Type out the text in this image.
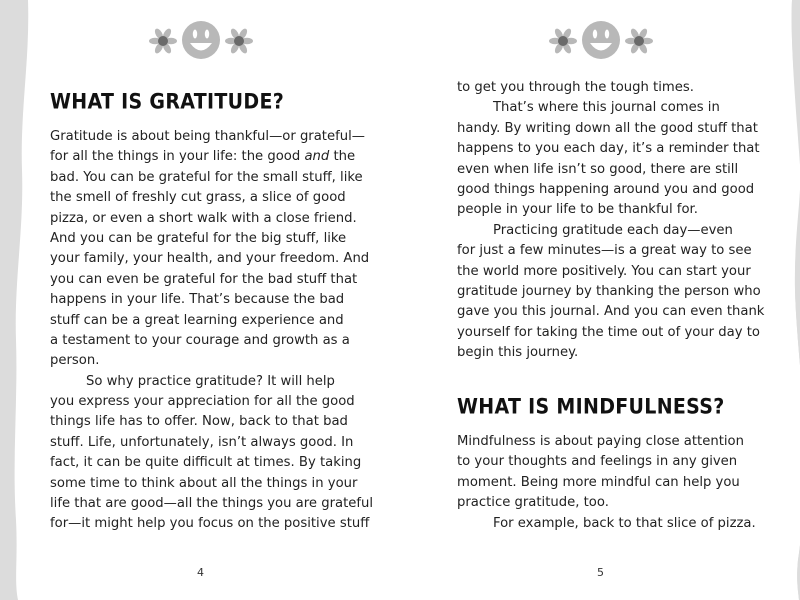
WHAT IS GRATITUDE?
Gratitude is about being thankful—or grateful—
for all the things in your life: the good and the
bad. You can be grateful for the small stuff, like
the smell of freshly cut grass, a slice of good
pizza, or even a short walk with a close friend.
And you can be grateful for the big stuff, like
your family, your health, and your freedom. And
you can even be grateful for the bad stuff that
happens in your life. That’s because the bad
stuff can be a great learning experience and
a testament to your courage and growth as a
person.
So why practice gratitude? It will help
you express your appreciation for all the good
things life has to offer. Now, back to that bad
stuff. Life, unfortunately, isn’t always good. In
fact, it can be quite difficult at times. By taking
some time to think about all the things in your
life that are good—all the things you are grateful
for—it might help you focus on the positive stuff
4
to get you through the tough times.
That’s where this journal comes in
handy. By writing down all the good stuff that
happens to you each day, it’s a reminder that
even when life isn’t so good, there are still
good things happening around you and good
people in your life to be thankful for.
Practicing gratitude each day—even
for just a few minutes—is a great way to see
the world more positively. You can start your
gratitude journey by thanking the person who
gave you this journal. And you can even thank
yourself for taking the time out of your day to
begin this journey.
WHAT IS MINDFULNESS?
Mindfulness is about paying close attention
to your thoughts and feelings in any given
moment. Being more mindful can help you
practice gratitude, too.
For example, back to that slice of pizza.
5
